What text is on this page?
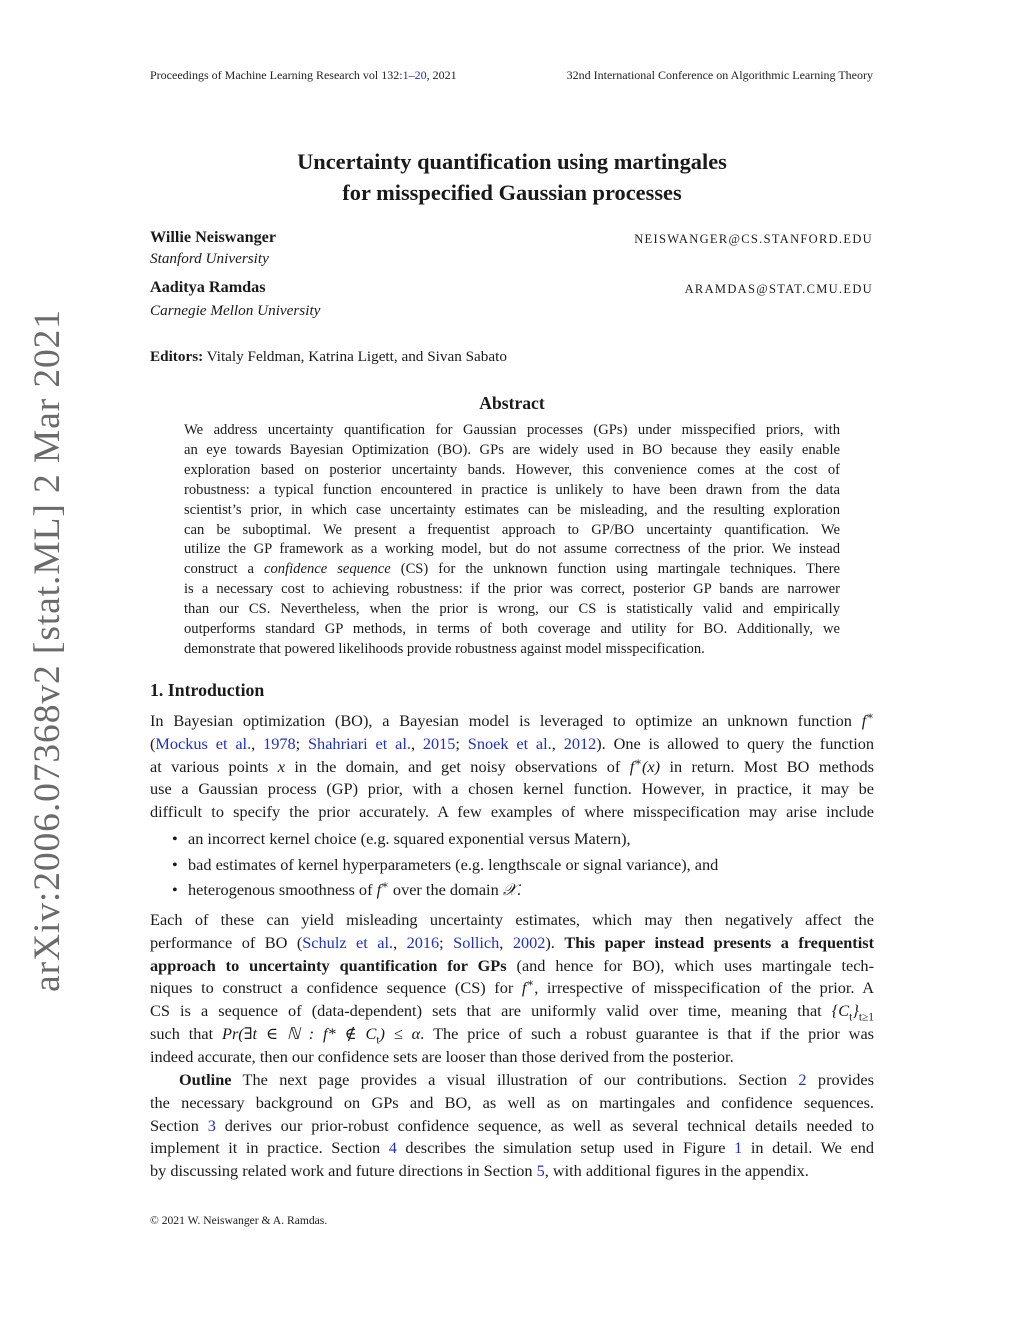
Proceedings of Machine Learning Research vol 132:1–20, 2021	32nd International Conference on Algorithmic Learning Theory
arXiv:2006.07368v2 [stat.ML] 2 Mar 2021
Uncertainty quantification using martingales
for misspecified Gaussian processes
Willie Neiswanger	NEISWANGER@CS.STANFORD.EDU
Stanford University
Aaditya Ramdas	ARAMDAS@STAT.CMU.EDU
Carnegie Mellon University
Editors: Vitaly Feldman, Katrina Ligett, and Sivan Sabato
Abstract
We address uncertainty quantification for Gaussian processes (GPs) under misspecified priors, with
an eye towards Bayesian Optimization (BO). GPs are widely used in BO because they easily enable
exploration based on posterior uncertainty bands. However, this convenience comes at the cost of
robustness: a typical function encountered in practice is unlikely to have been drawn from the data
scientist’s prior, in which case uncertainty estimates can be misleading, and the resulting exploration
can be suboptimal. We present a frequentist approach to GP/BO uncertainty quantification. We
utilize the GP framework as a working model, but do not assume correctness of the prior. We instead
construct a confidence sequence (CS) for the unknown function using martingale techniques. There
is a necessary cost to achieving robustness: if the prior was correct, posterior GP bands are narrower
than our CS. Nevertheless, when the prior is wrong, our CS is statistically valid and empirically
outperforms standard GP methods, in terms of both coverage and utility for BO. Additionally, we
demonstrate that powered likelihoods provide robustness against model misspecification.
1. Introduction
In Bayesian optimization (BO), a Bayesian model is leveraged to optimize an unknown function f∗
(Mockus et al., 1978; Shahriari et al., 2015; Snoek et al., 2012). One is allowed to query the function
at various points x in the domain, and get noisy observations of f∗(x) in return. Most BO methods
use a Gaussian process (GP) prior, with a chosen kernel function. However, in practice, it may be
difficult to specify the prior accurately. A few examples of where misspecification may arise include
• an incorrect kernel choice (e.g. squared exponential versus Matern),
• bad estimates of kernel hyperparameters (e.g. lengthscale or signal variance), and
• heterogenous smoothness of f∗ over the domain 𝒳.
Each of these can yield misleading uncertainty estimates, which may then negatively affect the
performance of BO (Schulz et al., 2016; Sollich, 2002). This paper instead presents a frequentist
approach to uncertainty quantification for GPs (and hence for BO), which uses martingale tech-
niques to construct a confidence sequence (CS) for f∗, irrespective of misspecification of the prior. A
CS is a sequence of (data-dependent) sets that are uniformly valid over time, meaning that $\{C_t\}_{t\ge 1}$
such that Pr(∃t ∈ ℕ : f* ∉ $C_t) \le \alpha$. The price of such a robust guarantee is that if the prior was
indeed accurate, then our confidence sets are looser than those derived from the posterior.
Outline The next page provides a visual illustration of our contributions. Section 2 provides
the necessary background on GPs and BO, as well as on martingales and confidence sequences.
Section 3 derives our prior-robust confidence sequence, as well as several technical details needed to
implement it in practice. Section 4 describes the simulation setup used in Figure 1 in detail. We end
by discussing related work and future directions in Section 5, with additional figures in the appendix.
© 2021 W. Neiswanger & A. Ramdas.
